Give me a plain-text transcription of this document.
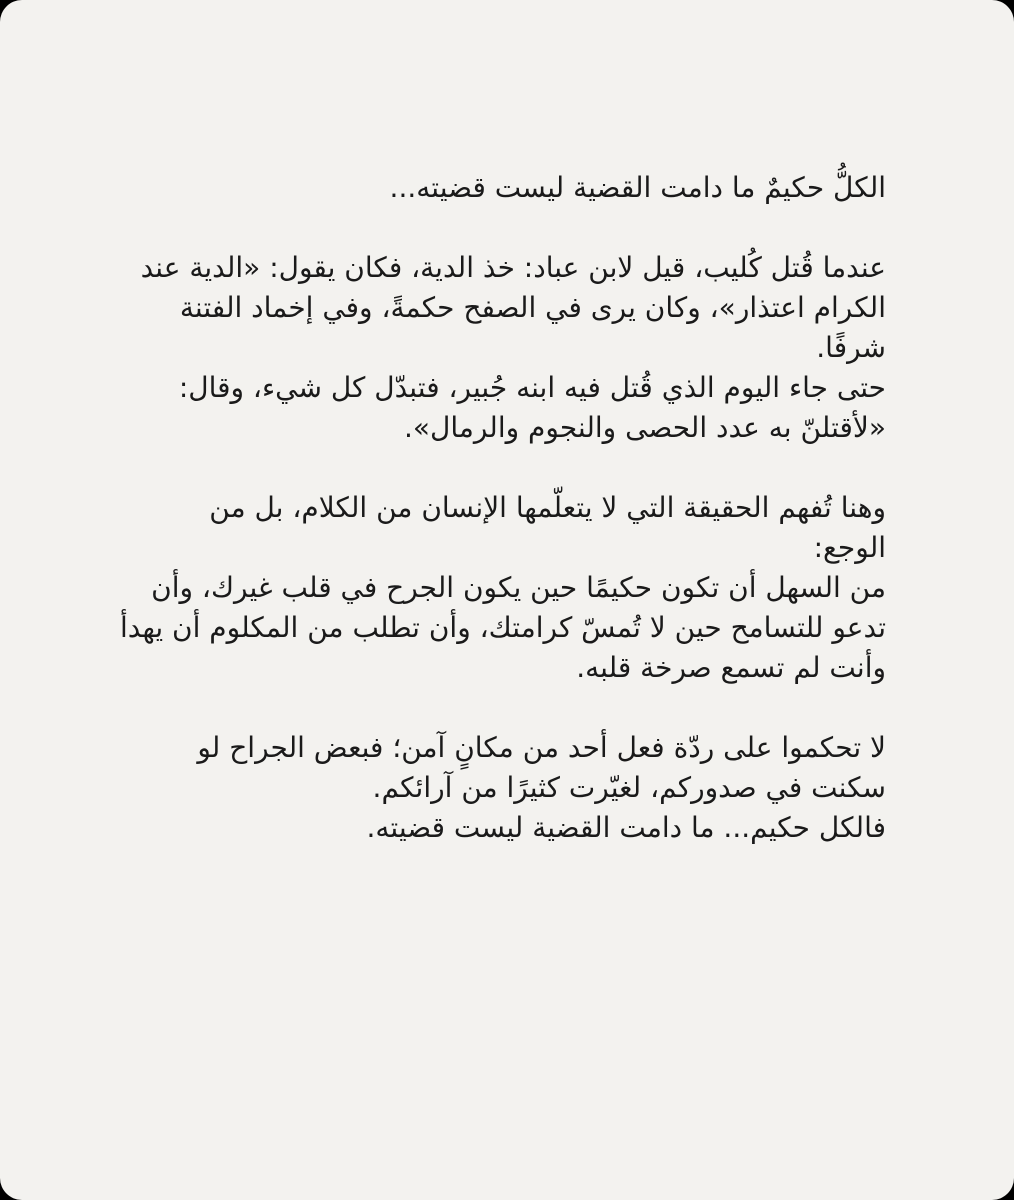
الكلُّ حكيمٌ ما دامت القضية ليست قضيته...
عندما قُتل كُليب، قيل لابن عباد: خذ الدية، فكان يقول: «الدية عند
الكرام اعتذار»، وكان يرى في الصفح حكمةً، وفي إخماد الفتنة
شرفًا.
حتى جاء اليوم الذي قُتل فيه ابنه جُبير، فتبدّل كل شيء، وقال:
«لأقتلنّ به عدد الحصى والنجوم والرمال».
وهنا تُفهم الحقيقة التي لا يتعلّمها الإنسان من الكلام، بل من
الوجع:
من السهل أن تكون حكيمًا حين يكون الجرح في قلب غيرك، وأن
تدعو للتسامح حين لا تُمسّ كرامتك، وأن تطلب من المكلوم أن يهدأ
وأنت لم تسمع صرخة قلبه.
لا تحكموا على ردّة فعل أحد من مكانٍ آمن؛ فبعض الجراح لو
سكنت في صدوركم، لغيّرت كثيرًا من آرائكم.
فالكل حكيم... ما دامت القضية ليست قضيته.
